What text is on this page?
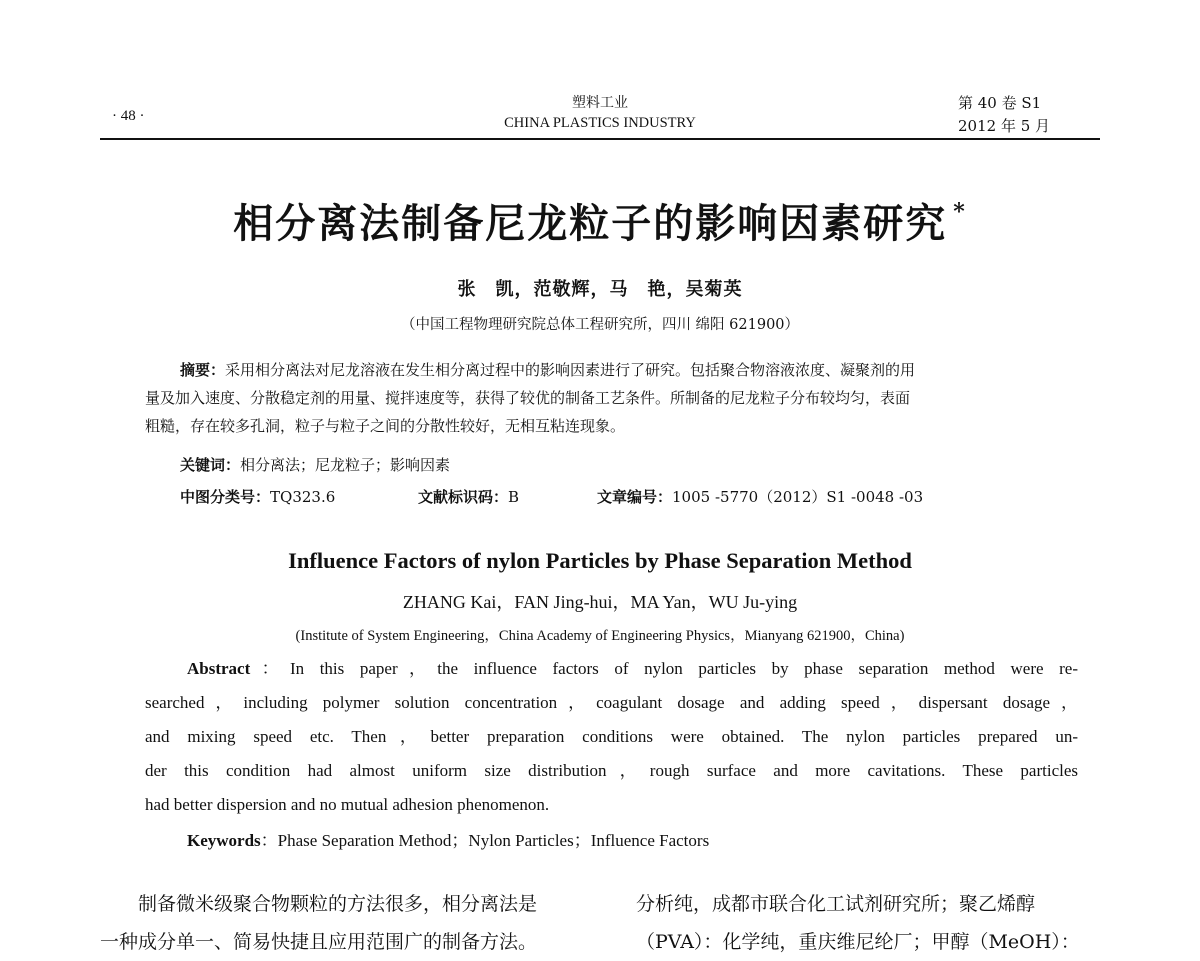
· 48 ·
塑料工业
CHINA PLASTICS INDUSTRY
第 40 卷 S1
2012 年 5 月
相分离法制备尼龙粒子的影响因素研究 *
张　凯，范敬辉，马　艳，吴菊英
（中国工程物理研究院总体工程研究所，四川 绵阳 621900）
摘要：采用相分离法对尼龙溶液在发生相分离过程中的影响因素进行了研究。包括聚合物溶液浓度、凝聚剂的用
量及加入速度、分散稳定剂的用量、搅拌速度等，获得了较优的制备工艺条件。所制备的尼龙粒子分布较均匀，表面
粗糙，存在较多孔洞，粒子与粒子之间的分散性较好，无相互粘连现象。
关键词：相分离法；尼龙粒子；影响因素
中图分类号：TQ323.6	文献标识码：B	文章编号：1005 -5770（2012）S1 -0048 -03
Influence Factors of nylon Particles by Phase Separation Method
ZHANG Kai，FAN Jing-hui，MA Yan，WU Ju-ying
(Institute of System Engineering，China Academy of Engineering Physics，Mianyang 621900，China)
Abstract：In this paper，the influence factors of nylon particles by phase separation method were re-
searched，including polymer solution concentration，coagulant dosage and adding speed，dispersant dosage，
and mixing speed etc. Then，better preparation conditions were obtained. The nylon particles prepared un-
der this condition had almost uniform size distribution，rough surface and more cavitations. These particles
had better dispersion and no mutual adhesion phenomenon.
Keywords：Phase Separation Method；Nylon Particles；Influence Factors
　　制备微米级聚合物颗粒的方法很多，相分离法是
一种成分单一、简易快捷且应用范围广的制备方法。
分析纯，成都市联合化工试剂研究所；聚乙烯醇
（PVA）：化学纯，重庆维尼纶厂；甲醇（MeOH）：
